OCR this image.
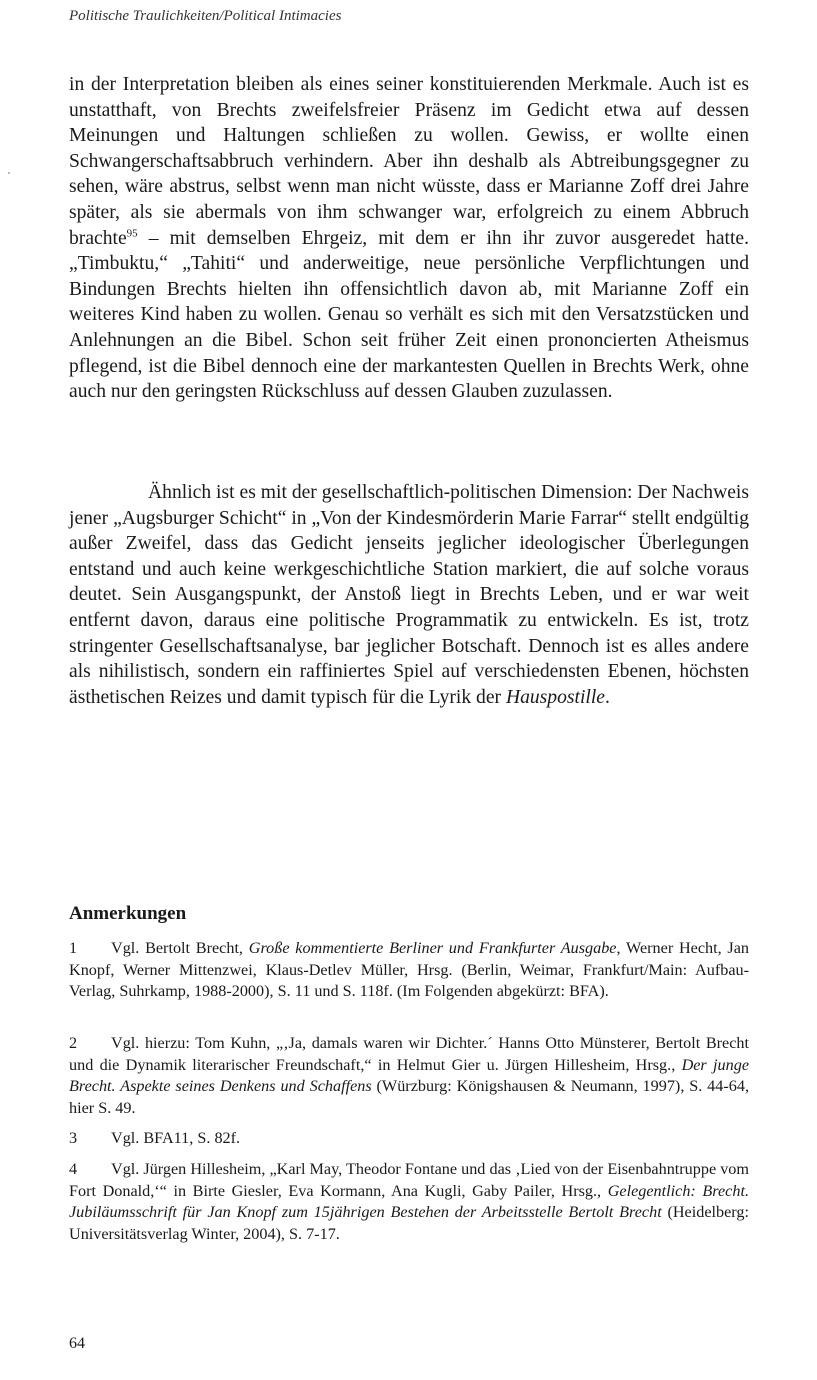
Politische Traulichkeiten/Political Intimacies

in der Interpretation bleiben als eines seiner konstituierenden Merkmale. Auch ist es unstatthaft, von Brechts zweifelsfreier Präsenz im Gedicht etwa auf dessen Meinungen und Haltungen schließen zu wollen. Gewiss, er wollte einen Schwangerschaftsabbruch verhindern. Aber ihn deshalb als Abtreibungsgegner zu sehen, wäre abstrus, selbst wenn man nicht wüsste, dass er Marianne Zoff drei Jahre später, als sie abermals von ihm schwanger war, erfolgreich zu einem Abbruch brachte$^{95}$ – mit demselben Ehrgeiz, mit dem er ihn ihr zuvor ausgeredet hatte. „Timbuktu,“ „Tahiti“ und anderweitige, neue persönliche Verpflichtungen und Bindungen Brechts hielten ihn offensichtlich davon ab, mit Marianne Zoff ein weiteres Kind haben zu wollen. Genau so verhält es sich mit den Versatzstücken und Anlehnungen an die Bibel. Schon seit früher Zeit einen prononcierten Atheismus pflegend, ist die Bibel dennoch eine der markantesten Quellen in Brechts Werk, ohne auch nur den geringsten Rückschluss auf dessen Glauben zuzulassen.

Ähnlich ist es mit der gesellschaftlich-politischen Dimension: Der Nachweis jener „Augsburger Schicht“ in „Von der Kindesmörderin Marie Farrar“ stellt endgültig außer Zweifel, dass das Gedicht jenseits jeglicher ideologischer Überlegungen entstand und auch keine werkgeschichtliche Station markiert, die auf solche voraus deutet. Sein Ausgangspunkt, der Anstoß liegt in Brechts Leben, und er war weit entfernt davon, daraus eine politische Programmatik zu entwickeln. Es ist, trotz stringenter Gesellschaftsanalyse, bar jeglicher Botschaft. Dennoch ist es alles andere als nihilistisch, sondern ein raffiniertes Spiel auf verschiedensten Ebenen, höchsten ästhetischen Reizes und damit typisch für die Lyrik der Hauspostille.

Anmerkungen

1 Vgl. Bertolt Brecht, Große kommentierte Berliner und Frankfurter Ausgabe, Werner Hecht, Jan Knopf, Werner Mittenzwei, Klaus-Detlev Müller, Hrsg. (Berlin, Weimar, Frankfurt/Main: Aufbau-Verlag, Suhrkamp, 1988-2000), S. 11 und S. 118f. (Im Folgenden abgekürzt: BFA).

2 Vgl. hierzu: Tom Kuhn, „‚Ja, damals waren wir Dichter.´ Hanns Otto Münsterer, Bertolt Brecht und die Dynamik literarischer Freundschaft,“ in Helmut Gier u. Jürgen Hillesheim, Hrsg., Der junge Brecht. Aspekte seines Denkens und Schaffens (Würzburg: Königshausen & Neumann, 1997), S. 44-64, hier S. 49.

3 Vgl. BFA11, S. 82f.

4 Vgl. Jürgen Hillesheim, „Karl May, Theodor Fontane und das ‚Lied von der Eisenbahntruppe vom Fort Donald,‘“ in Birte Giesler, Eva Kormann, Ana Kugli, Gaby Pailer, Hrsg., Gelegentlich: Brecht. Jubiläumsschrift für Jan Knopf zum 15jährigen Bestehen der Arbeitsstelle Bertolt Brecht (Heidelberg: Universitätsverlag Winter, 2004), S. 7-17.

64
